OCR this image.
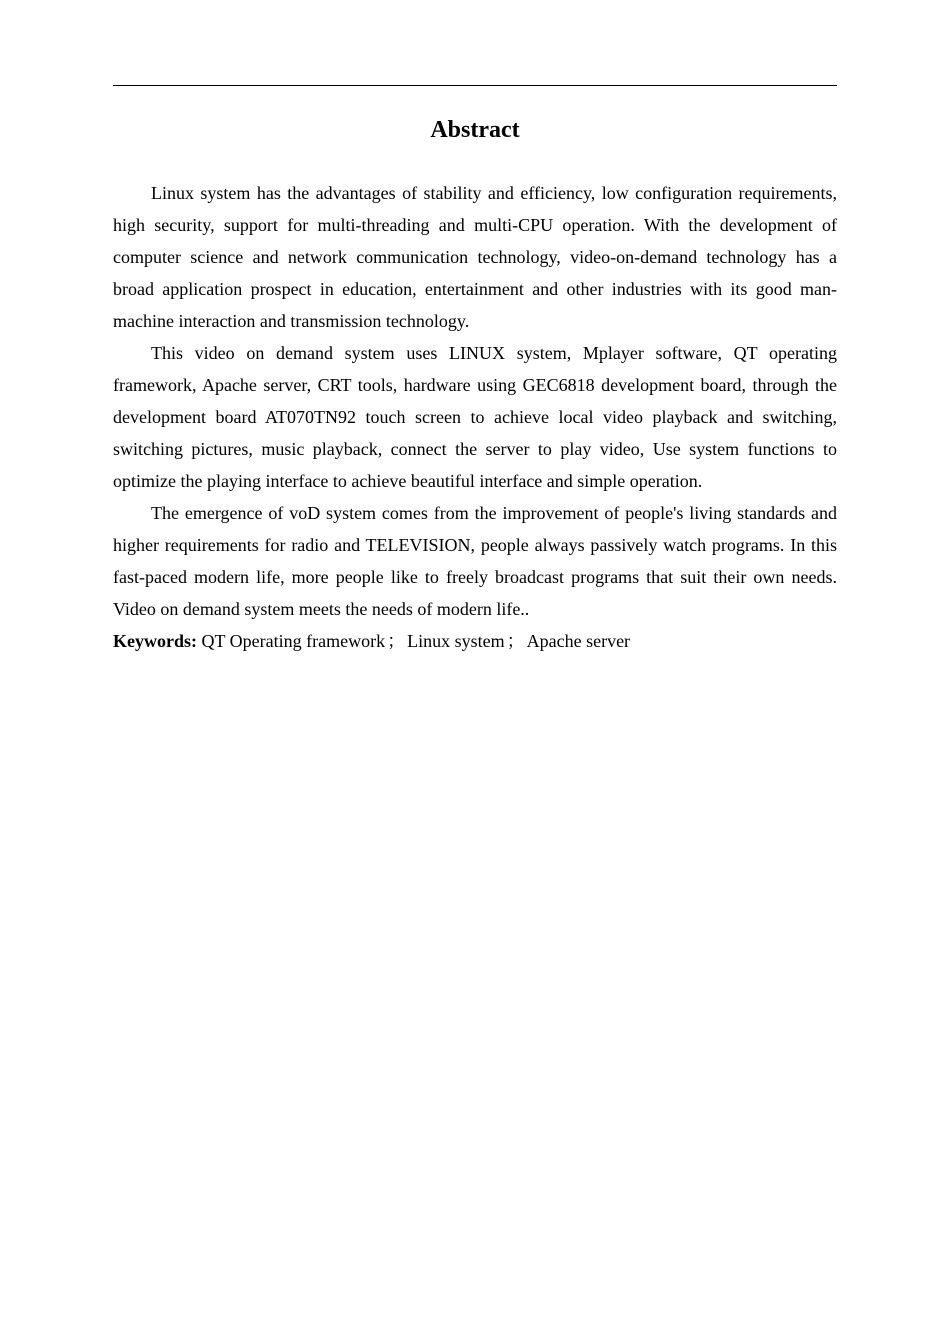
Abstract

Linux system has the advantages of stability and efficiency, low configuration requirements, high security, support for multi-threading and multi-CPU operation. With the development of computer science and network communication technology, video-on-demand technology has a broad application prospect in education, entertainment and other industries with its good man-machine interaction and transmission technology.

This video on demand system uses LINUX system, Mplayer software, QT operating framework, Apache server, CRT tools, hardware using GEC6818 development board, through the development board AT070TN92 touch screen to achieve local video playback and switching, switching pictures, music playback, connect the server to play video, Use system functions to optimize the playing interface to achieve beautiful interface and simple operation.

The emergence of voD system comes from the improvement of people's living standards and higher requirements for radio and TELEVISION, people always passively watch programs. In this fast-paced modern life, more people like to freely broadcast programs that suit their own needs. Video on demand system meets the needs of modern life..

Keywords: QT Operating framework ； Linux system ； Apache server
